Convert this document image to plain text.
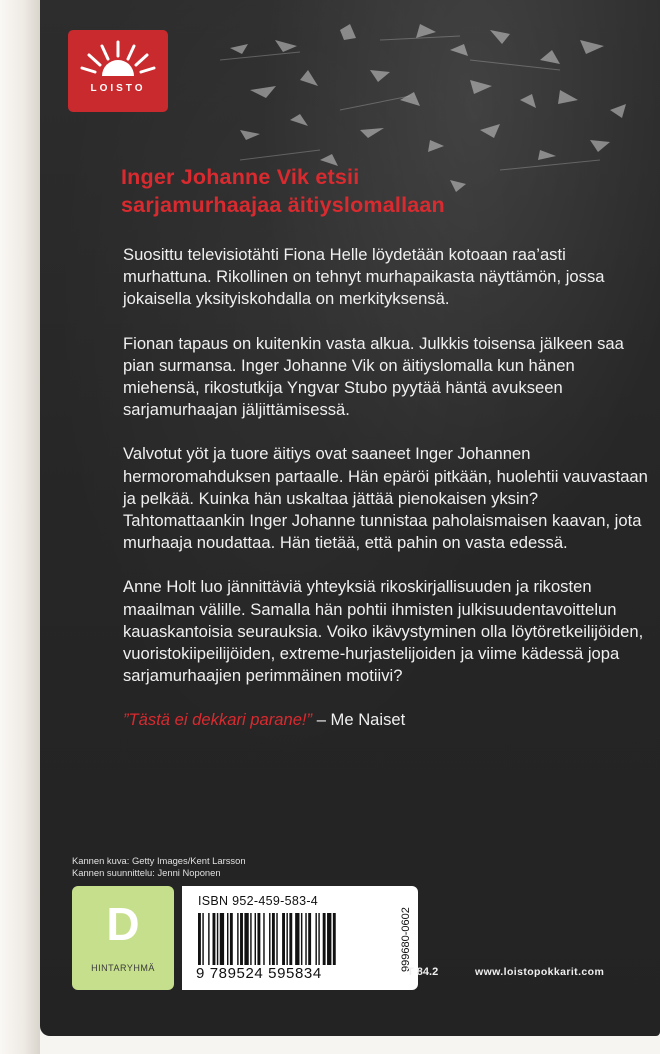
LOISTO
Inger Johanne Vik etsii
sarjamurhaajaa äitiyslomallaan

Suosittu televisiotähti Fiona Helle löydetään kotoaan raa’asti murhattuna. Rikollinen on tehnyt murhapaikasta näyttämön, jossa jokaisella yksityiskohdalla on merkityksensä.

Fionan tapaus on kuitenkin vasta alkua. Julkkis toisensa jälkeen saa pian surmansa. Inger Johanne Vik on äitiyslomalla kun hänen miehensä, rikostutkija Yngvar Stubo pyytää häntä avukseen sarjamurhaajan jäljittämisessä.

Valvotut yöt ja tuore äitiys ovat saaneet Inger Johannen hermoromahduksen partaalle. Hän epäröi pitkään, huolehtii vauvastaan ja pelkää. Kuinka hän uskaltaa jättää pienokaisen yksin? Tahtomattaankin Inger Johanne tunnistaa paholaismaisen kaavan, jota murhaaja noudattaa. Hän tietää, että pahin on vasta edessä.

Anne Holt luo jännittäviä yhteyksiä rikoskirjallisuuden ja rikosten maailman välille. Samalla hän pohtii ihmisten julkisuudentavoittelun kauaskantoisia seurauksia. Voiko ikävystyminen olla löytöretkeilijöiden, vuoristokiipeilijöiden, extreme-hurjastelijoiden ja viime kädessä jopa sarjamurhaajien perimmäinen motiivi?

”Tästä ei dekkari parane!” – Me Naiset

Kannen kuva: Getty Images/Kent Larsson
Kannen suunnittelu: Jenni Noponen
D
HINTARYHMÄ
ISBN 952-459-583-4
9 789524 595834
999680-0602
T 84.2	www.loistopokkarit.com
